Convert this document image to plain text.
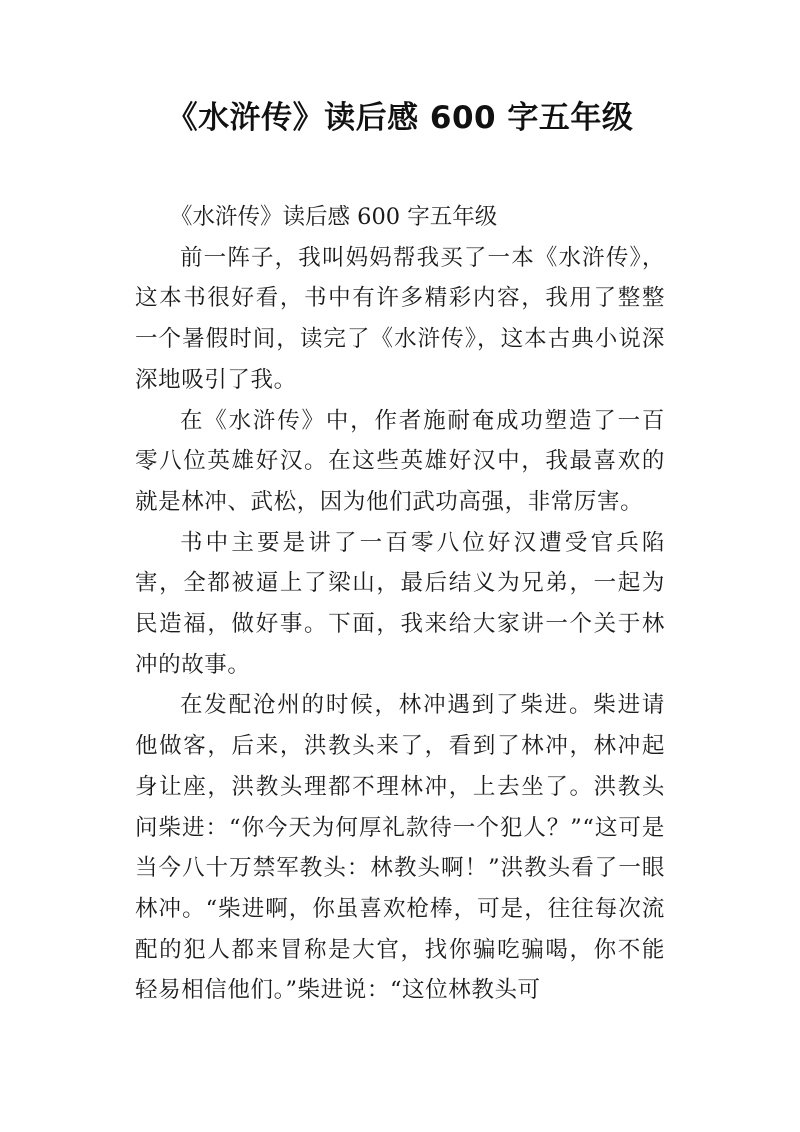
《水浒传》读后感 600 字五年级

《水浒传》读后感 600 字五年级

前一阵子，我叫妈妈帮我买了一本《水浒传》，这本书很好看，书中有许多精彩内容，我用了整整一个暑假时间，读完了《水浒传》，这本古典小说深深地吸引了我。

在《水浒传》中，作者施耐奄成功塑造了一百零八位英雄好汉。在这些英雄好汉中，我最喜欢的就是林冲、武松，因为他们武功高强，非常厉害。

书中主要是讲了一百零八位好汉遭受官兵陷害，全都被逼上了梁山，最后结义为兄弟，一起为民造福，做好事。下面，我来给大家讲一个关于林冲的故事。

在发配沧州的时候，林冲遇到了柴进。柴进请他做客，后来，洪教头来了，看到了林冲，林冲起身让座，洪教头理都不理林冲，上去坐了。洪教头问柴进：“你今天为何厚礼款待一个犯人？”“这可是当今八十万禁军教头：林教头啊！”洪教头看了一眼林冲。“柴进啊，你虽喜欢枪棒，可是，往往每次流配的犯人都来冒称是大官，找你骗吃骗喝，你不能轻易相信他们。”柴进说：“这位林教头可
